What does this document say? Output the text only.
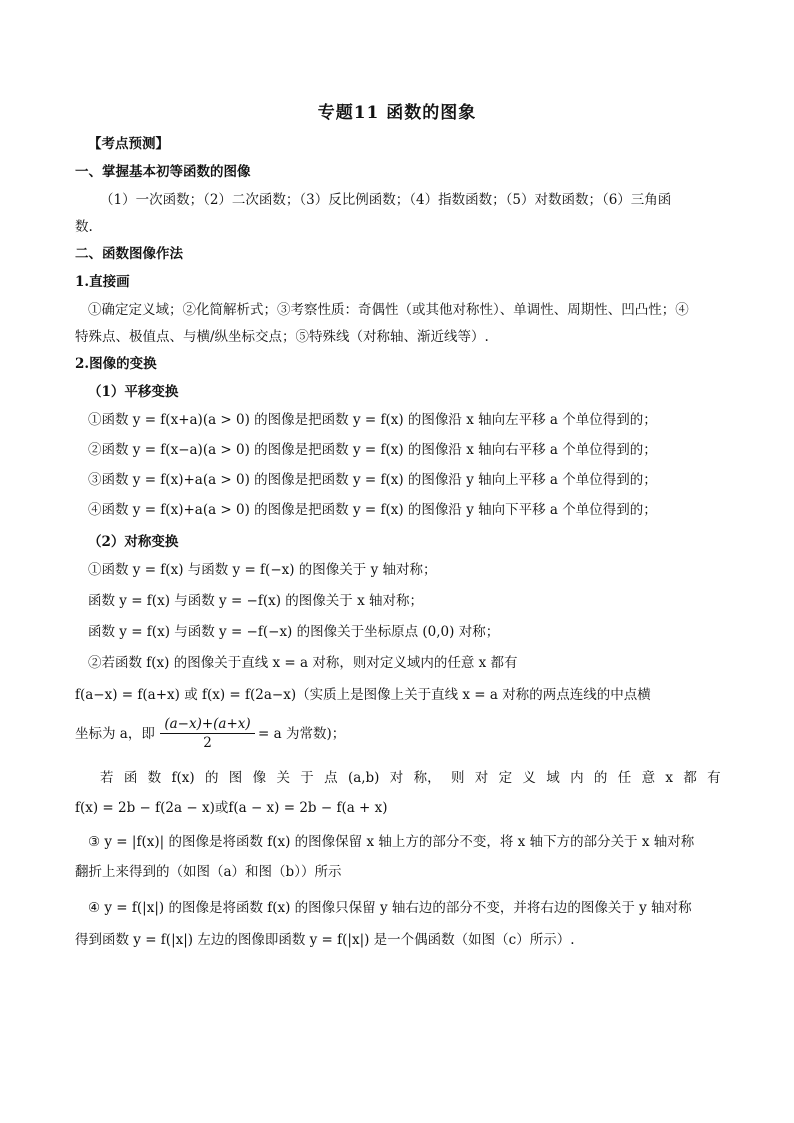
专题11 函数的图象
【考点预测】
一、掌握基本初等函数的图像
（1）一次函数；（2）二次函数；（3）反比例函数；（4）指数函数；（5）对数函数；（6）三角函
数.
二、函数图像作法
1.直接画
①确定定义域；②化简解析式；③考察性质：奇偶性（或其他对称性）、单调性、周期性、凹凸性；④
特殊点、极值点、与横/纵坐标交点；⑤特殊线（对称轴、渐近线等）.
2.图像的变换
（1）平移变换
①函数 y = f(x+a)(a > 0) 的图像是把函数 y = f(x) 的图像沿 x 轴向左平移 a 个单位得到的；
②函数 y = f(x−a)(a > 0) 的图像是把函数 y = f(x) 的图像沿 x 轴向右平移 a 个单位得到的；
③函数 y = f(x)+a(a > 0) 的图像是把函数 y = f(x) 的图像沿 y 轴向上平移 a 个单位得到的；
④函数 y = f(x)+a(a > 0) 的图像是把函数 y = f(x) 的图像沿 y 轴向下平移 a 个单位得到的；
（2）对称变换
①函数 y = f(x) 与函数 y = f(−x) 的图像关于 y 轴对称；
函数 y = f(x) 与函数 y = −f(x) 的图像关于 x 轴对称；
函数 y = f(x) 与函数 y = −f(−x) 的图像关于坐标原点 (0,0) 对称；
②若函数 f(x) 的图像关于直线 x = a 对称，则对定义域内的任意 x 都有
f(a−x) = f(a+x) 或 f(x) = f(2a−x)（实质上是图像上关于直线 x = a 对称的两点连线的中点横
坐标为 a，即 $\frac{(a-x)+(a+x)}{2} = a$ 为常数)；
若 函 数 f(x) 的 图 像 关 于 点 (a,b) 对 称， 则 对 定 义 域 内 的 任 意 x 都 有
f(x) = 2b − f(2a − x)或f(a − x) = 2b − f(a + x)
③ y = |f(x)| 的图像是将函数 f(x) 的图像保留 x 轴上方的部分不变，将 x 轴下方的部分关于 x 轴对称
翻折上来得到的（如图（a）和图（b））所示
④ y = f(|x|) 的图像是将函数 f(x) 的图像只保留 y 轴右边的部分不变，并将右边的图像关于 y 轴对称
得到函数 y = f(|x|) 左边的图像即函数 y = f(|x|) 是一个偶函数（如图（c）所示）.
